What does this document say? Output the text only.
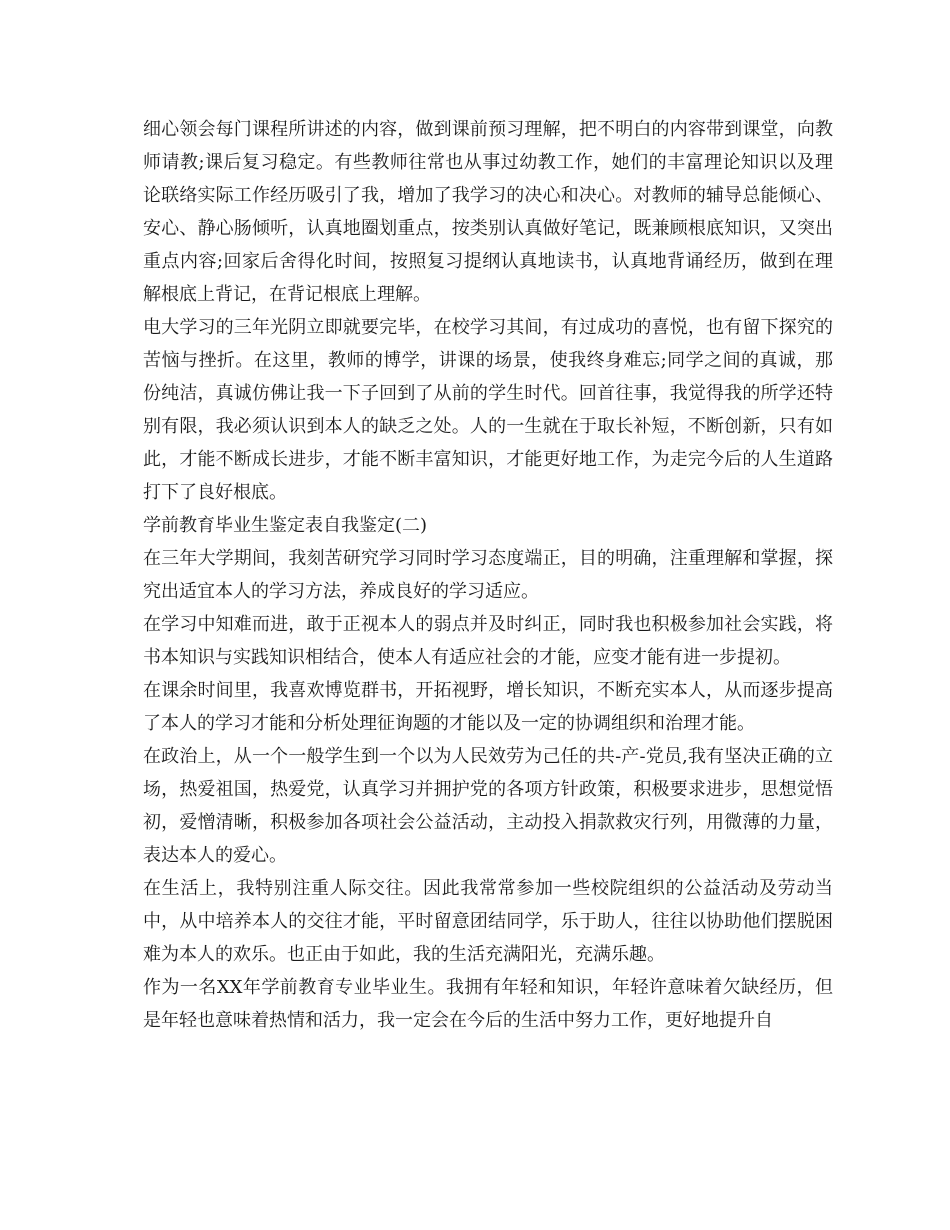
细心领会每门课程所讲述的内容，做到课前预习理解，把不明白的内容带到课堂，向教师请教;课后复习稳定。有些教师往常也从事过幼教工作，她们的丰富理论知识以及理论联络实际工作经历吸引了我，增加了我学习的决心和决心。对教师的辅导总能倾心、安心、静心肠倾听，认真地圈划重点，按类别认真做好笔记，既兼顾根底知识，又突出重点内容;回家后舍得化时间，按照复习提纲认真地读书，认真地背诵经历，做到在理解根底上背记，在背记根底上理解。

电大学习的三年光阴立即就要完毕，在校学习其间，有过成功的喜悦，也有留下探究的苦恼与挫折。在这里，教师的博学，讲课的场景，使我终身难忘;同学之间的真诚，那份纯洁，真诚仿佛让我一下子回到了从前的学生时代。回首往事，我觉得我的所学还特别有限，我必须认识到本人的缺乏之处。人的一生就在于取长补短，不断创新，只有如此，才能不断成长进步，才能不断丰富知识，才能更好地工作，为走完今后的人生道路打下了良好根底。

学前教育毕业生鉴定表自我鉴定(二)

在三年大学期间，我刻苦研究学习同时学习态度端正，目的明确，注重理解和掌握，探究出适宜本人的学习方法，养成良好的学习适应。

在学习中知难而进，敢于正视本人的弱点并及时纠正，同时我也积极参加社会实践，将书本知识与实践知识相结合，使本人有适应社会的才能，应变才能有进一步提初。

在课余时间里，我喜欢博览群书，开拓视野，增长知识，不断充实本人，从而逐步提高了本人的学习才能和分析处理征询题的才能以及一定的协调组织和治理才能。

在政治上，从一个一般学生到一个以为人民效劳为己任的共-产-党员,我有坚决正确的立场，热爱祖国，热爱党，认真学习并拥护党的各项方针政策，积极要求进步，思想觉悟初，爱憎清晰，积极参加各项社会公益活动，主动投入捐款救灾行列，用微薄的力量，表达本人的爱心。

在生活上，我特别注重人际交往。因此我常常参加一些校院组织的公益活动及劳动当中，从中培养本人的交往才能，平时留意团结同学，乐于助人，往往以协助他们摆脱困难为本人的欢乐。也正由于如此，我的生活充满阳光，充满乐趣。

作为一名XX年学前教育专业毕业生。我拥有年轻和知识，年轻许意味着欠缺经历，但是年轻也意味着热情和活力，我一定会在今后的生活中努力工作，更好地提升自
